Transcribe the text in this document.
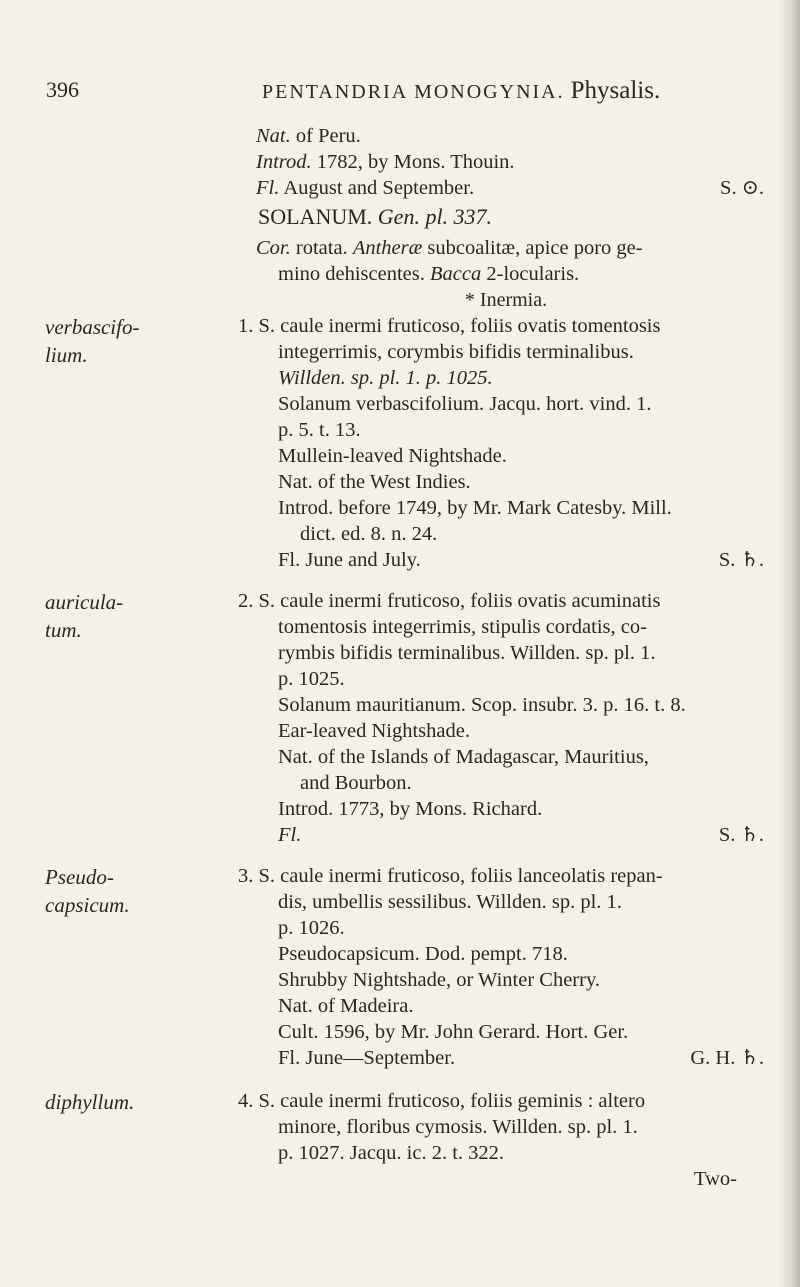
396	PENTANDRIA MONOGYNIA. Physalis.
Nat. of Peru.
Introd. 1782, by Mons. Thouin.
Fl. August and September.	S. ⊙.
SOLANUM. Gen. pl. 337.
Cor. rotata. Antheræ subcoalitæ, apice poro ge-
mino dehiscentes. Bacca 2-locularis.
* Inermia.
verbascifo-
lium.
1. S. caule inermi fruticoso, foliis ovatis tomentosis
integerrimis, corymbis bifidis terminalibus.
Willden. sp. pl. 1. p. 1025.
Solanum verbascifolium. Jacqu. hort. vind. 1.
p. 5. t. 13.
Mullein-leaved Nightshade.
Nat. of the West Indies.
Introd. before 1749, by Mr. Mark Catesby. Mill.
dict. ed. 8. n. 24.
Fl. June and July.	S. ♄.
auricula-
tum.
2. S. caule inermi fruticoso, foliis ovatis acuminatis
tomentosis integerrimis, stipulis cordatis, co-
rymbis bifidis terminalibus. Willden. sp. pl. 1.
p. 1025.
Solanum mauritianum. Scop. insubr. 3. p. 16. t. 8.
Ear-leaved Nightshade.
Nat. of the Islands of Madagascar, Mauritius,
and Bourbon.
Introd. 1773, by Mons. Richard.
Fl.	S. ♄.
Pseudo-
capsicum.
3. S. caule inermi fruticoso, foliis lanceolatis repan-
dis, umbellis sessilibus. Willden. sp. pl. 1.
p. 1026.
Pseudocapsicum. Dod. pempt. 718.
Shrubby Nightshade, or Winter Cherry.
Nat. of Madeira.
Cult. 1596, by Mr. John Gerard. Hort. Ger.
Fl. June—September.	G. H. ♄.
diphyllum.	4. S. caule inermi fruticoso, foliis geminis : altero
minore, floribus cymosis. Willden. sp. pl. 1.
p. 1027. Jacqu. ic. 2. t. 322.
Two-
